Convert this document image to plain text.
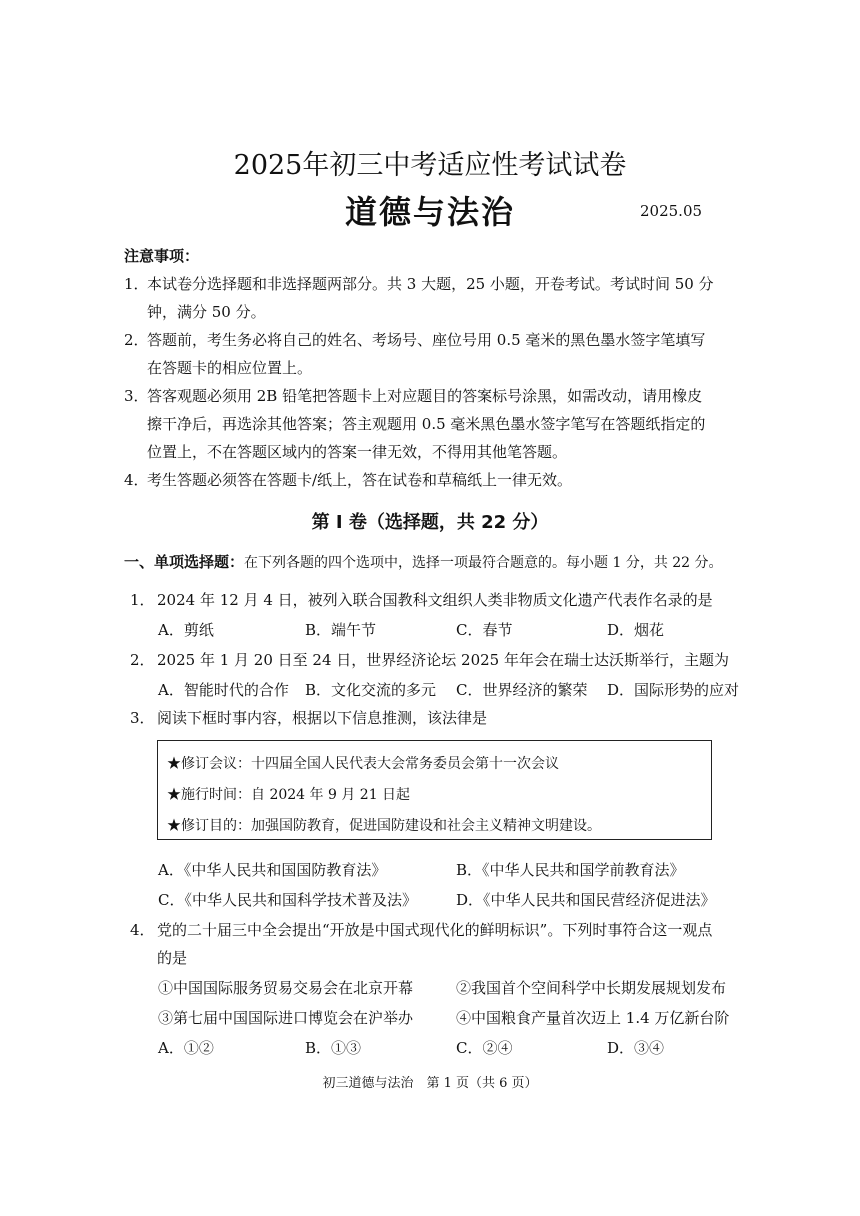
2025年初三中考适应性考试试卷
道德与法治	2025.05
注意事项：
1．
本试卷分选择题和非选择题两部分。共 3 大题，25 小题，开卷考试。考试时间 50 分
钟，满分 50 分。
2．
答题前，考生务必将自己的姓名、考场号、座位号用 0.5 毫米的黑色墨水签字笔填写
在答题卡的相应位置上。
3．
答客观题必须用 2B 铅笔把答题卡上对应题目的答案标号涂黑，如需改动，请用橡皮
擦干净后，再选涂其他答案；答主观题用 0.5 毫米黑色墨水签字笔写在答题纸指定的
位置上，不在答题区域内的答案一律无效，不得用其他笔答题。
4．
考生答题必须答在答题卡/纸上，答在试卷和草稿纸上一律无效。
第 I 卷（选择题，共 22 分）
一、单项选择题：在下列各题的四个选项中，选择一项最符合题意的。每小题 1 分，共 22 分。
1． 2024 年 12 月 4 日，被列入联合国教科文组织人类非物质文化遗产代表作名录的是
A．剪纸	B．端午节	C．春节	D．烟花
2． 2025 年 1 月 20 日至 24 日，世界经济论坛 2025 年年会在瑞士达沃斯举行，主题为
A．智能时代的合作 B．文化交流的多元 C．世界经济的繁荣 D．国际形势的应对
3． 阅读下框时事内容，根据以下信息推测，该法律是
★修订会议：十四届全国人民代表大会常务委员会第十一次会议
★施行时间：自 2024 年 9 月 21 日起
★修订目的：加强国防教育，促进国防建设和社会主义精神文明建设。
A．《中华人民共和国国防教育法》	B．《中华人民共和国学前教育法》
C．《中华人民共和国科学技术普及法》	D．《中华人民共和国民营经济促进法》
4． 党的二十届三中全会提出“开放是中国式现代化的鲜明标识”。下列时事符合这一观点
的是
①中国国际服务贸易交易会在北京开幕	②我国首个空间科学中长期发展规划发布
③第七届中国国际进口博览会在沪举办	④中国粮食产量首次迈上 1.4 万亿新台阶
A．①②	B．①③	C．②④	D．③④
初三道德与法治　第 1 页（共 6 页）
